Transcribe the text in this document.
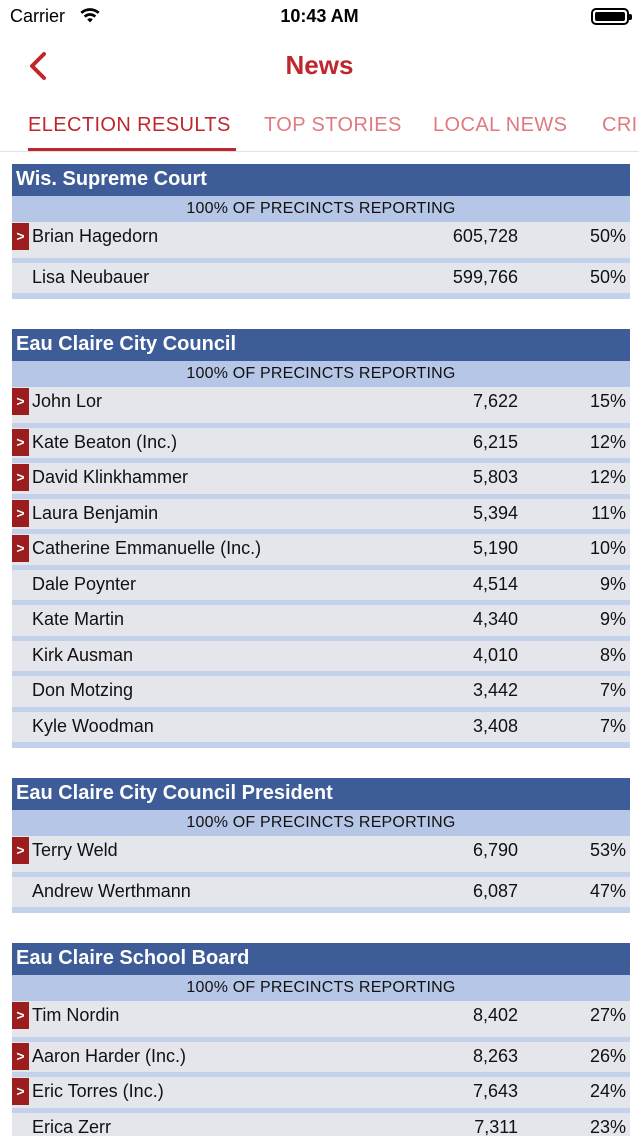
Carrier	10:43 AM
News
ELECTION RESULTS TOP STORIES LOCAL NEWS CRI
Wis. Supreme Court
100% OF PRECINCTS REPORTING
> Brian Hagedorn	605,728	50%
Lisa Neubauer	599,766	50%
Eau Claire City Council
100% OF PRECINCTS REPORTING
> John Lor	7,622	15%
> Kate Beaton (Inc.)	6,215	12%
> David Klinkhammer	5,803	12%
> Laura Benjamin	5,394	11%
> Catherine Emmanuelle (Inc.)	5,190	10%
Dale Poynter	4,514	9%
Kate Martin	4,340	9%
Kirk Ausman	4,010	8%
Don Motzing	3,442	7%
Kyle Woodman	3,408	7%
Eau Claire City Council President
100% OF PRECINCTS REPORTING
> Terry Weld	6,790	53%
Andrew Werthmann	6,087	47%
Eau Claire School Board
100% OF PRECINCTS REPORTING
> Tim Nordin	8,402	27%
> Aaron Harder (Inc.)	8,263	26%
> Eric Torres (Inc.)	7,643	24%
Erica Zerr	7,311	23%
